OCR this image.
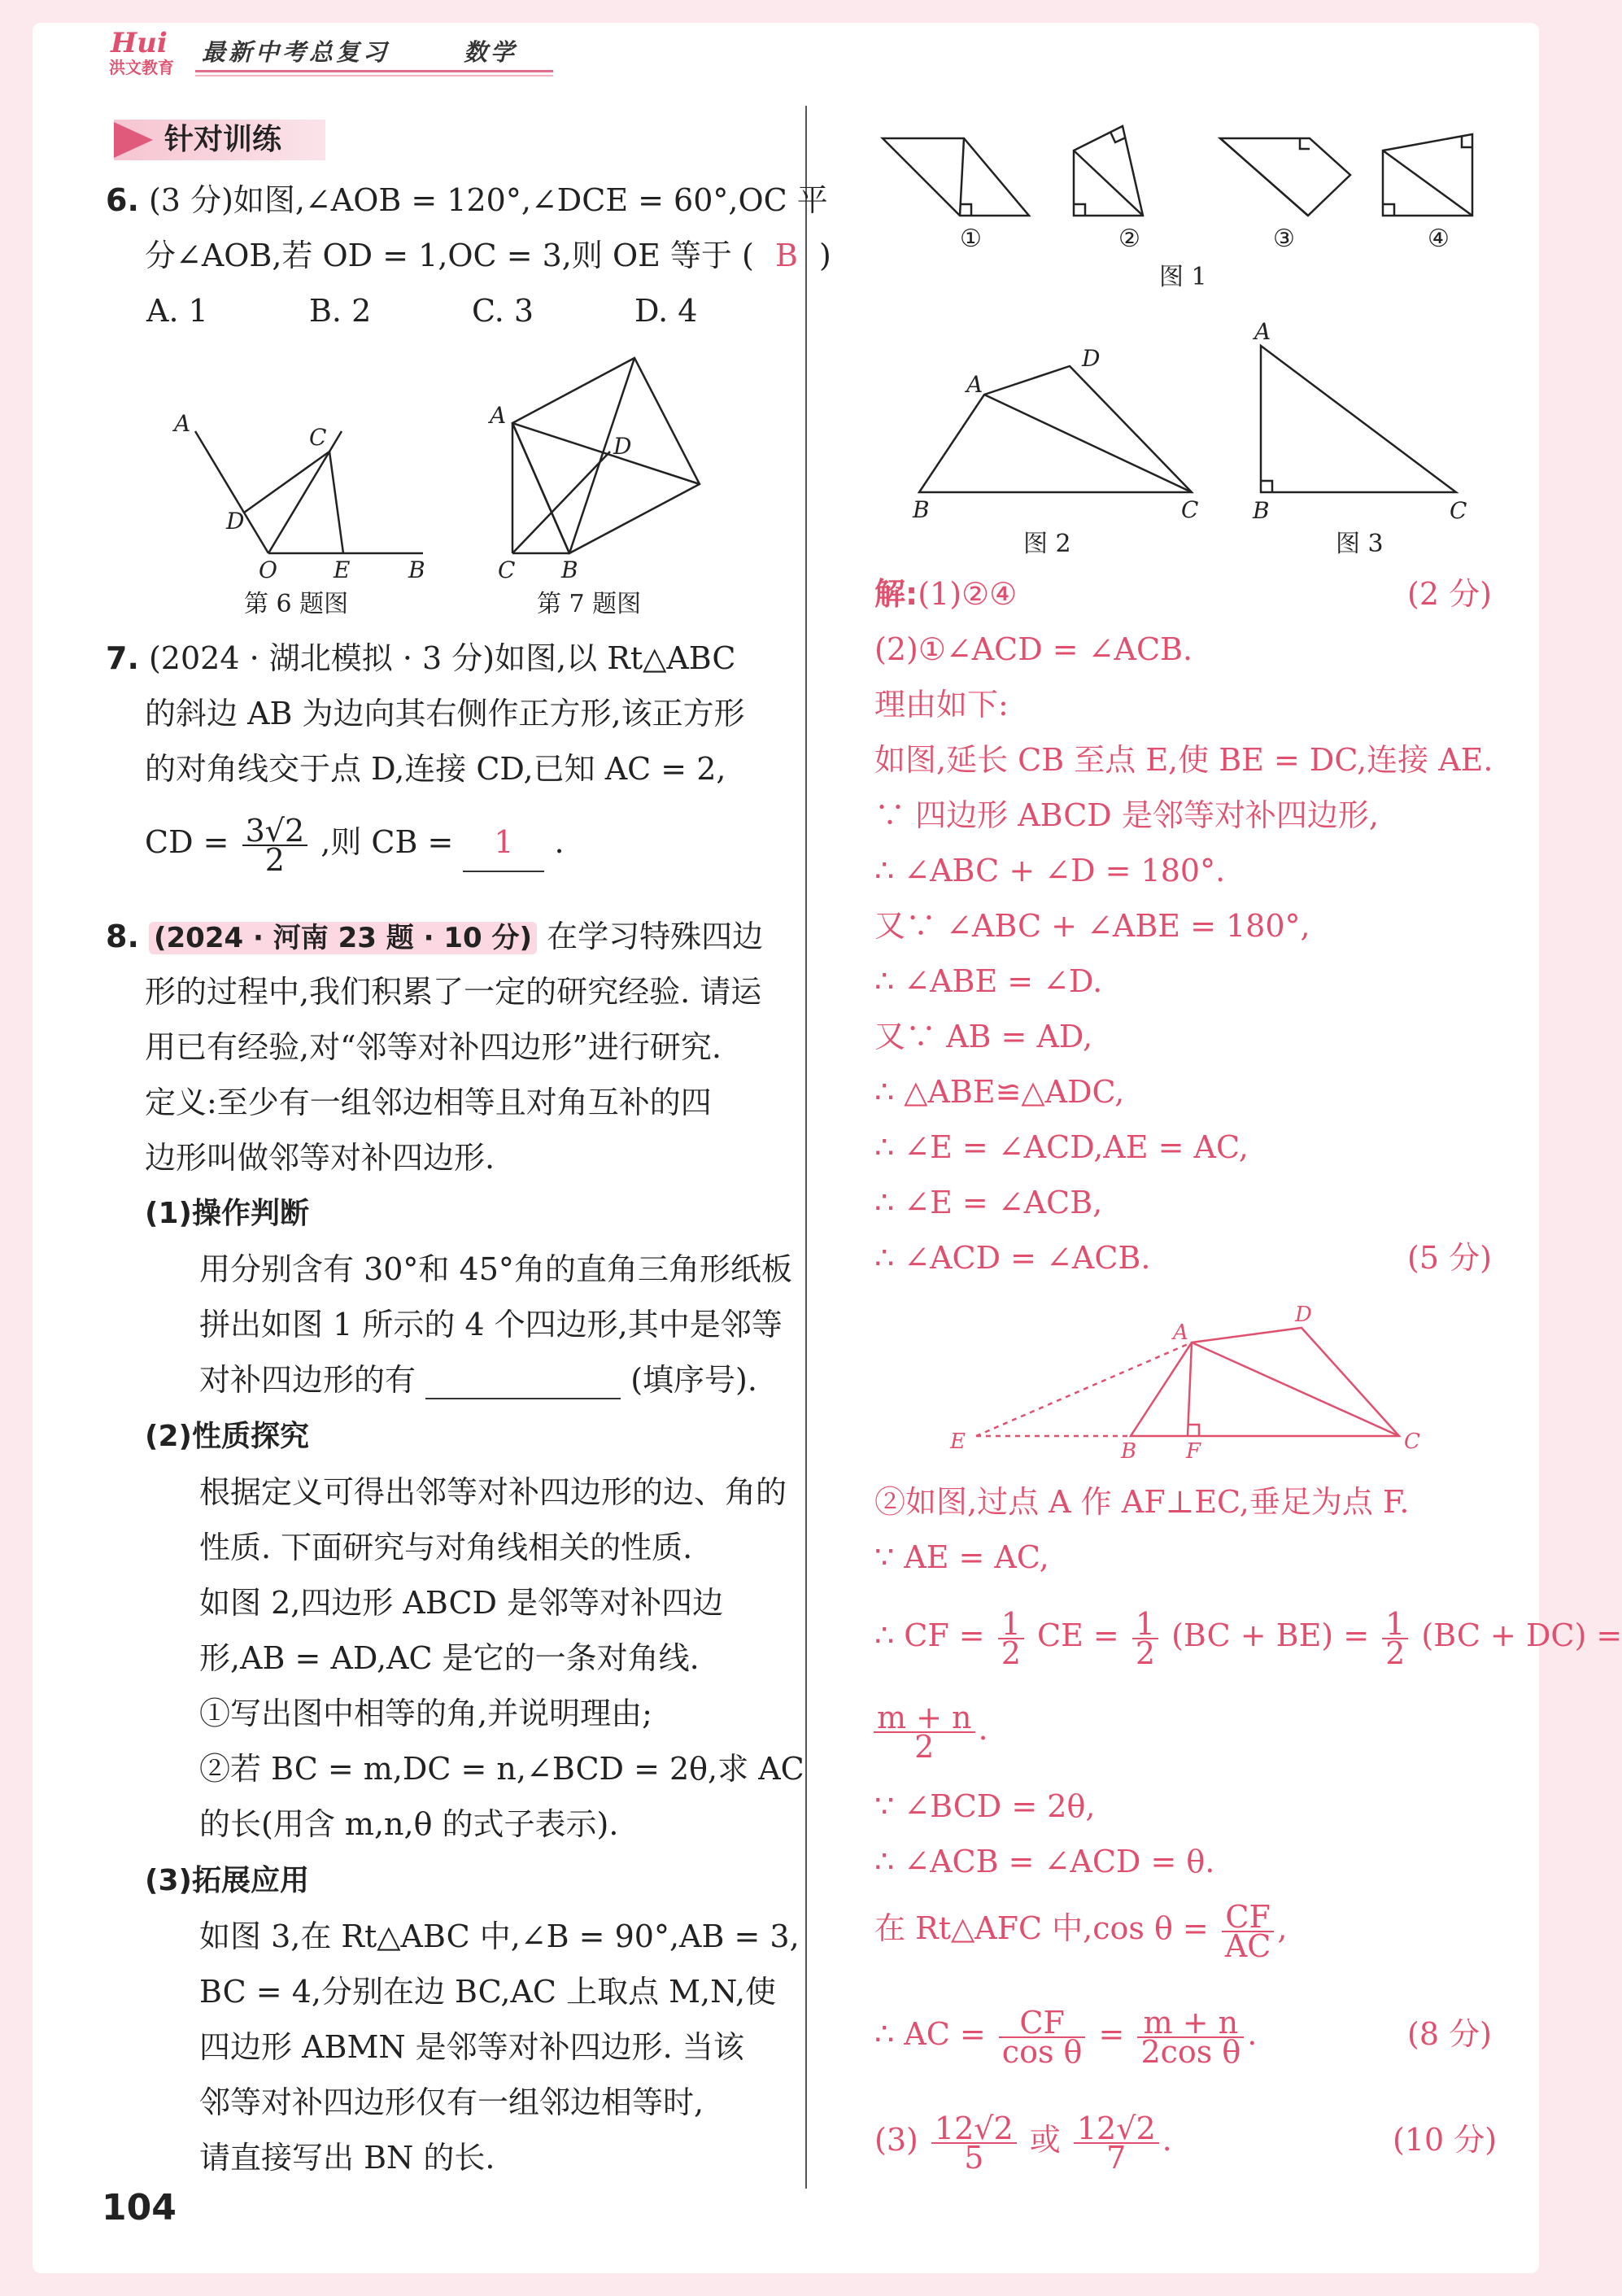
Hui
洪文教育
最新中考总复习	数学
针对训练
6. (3 分)如图,∠AOB = 120°,∠DCE = 60°,OC 平
分∠AOB,若 OD = 1,OC = 3,则 OE 等于 ( B )
A. 1	B. 2	C. 3	D. 4
A
C
D
O E	B
第 6 题图
A
D
C B
第 7 题图
7. (2024 · 湖北模拟 · 3 分)如图,以 Rt△ABC
的斜边 AB 为边向其右侧作正方形,该正方形
的对角线交于点 D,连接 CD,已知 AC = 2,
CD = $\frac{3√2}{2}$ ,则 CB = 1 .
8. (2024 · 河南 23 题 · 10 分) 在学习特殊四边
形的过程中,我们积累了一定的研究经验. 请运
用已有经验,对“邻等对补四边形”进行研究.
定义:至少有一组邻边相等且对角互补的四
边形叫做邻等对补四边形.
(1)操作判断
用分别含有 30°和 45°角的直角三角形纸板
拼出如图 1 所示的 4 个四边形,其中是邻等
对补四边形的有	(填序号).
(2)性质探究
根据定义可得出邻等对补四边形的边、角的
性质. 下面研究与对角线相关的性质.
如图 2,四边形 ABCD 是邻等对补四边
形,AB = AD,AC 是它的一条对角线.
①写出图中相等的角,并说明理由;
②若 BC = m,DC = n,∠BCD = 2θ,求 AC
的长(用含 m,n,θ 的式子表示).
(3)拓展应用
如图 3,在 Rt△ABC 中,∠B = 90°,AB = 3,
BC = 4,分别在边 BC,AC 上取点 M,N,使
四边形 ABMN 是邻等对补四边形. 当该
邻等对补四边形仅有一组邻边相等时,
请直接写出 BN 的长.
104
①	②	③	④
图 1
A
D
B	C
图 2
A
B	C
图 3
解:(1)②④	(2 分)
(2)①∠ACD = ∠ACB.
理由如下:
如图,延长 CB 至点 E,使 BE = DC,连接 AE.
∵ 四边形 ABCD 是邻等对补四边形,
∴ ∠ABC + ∠D = 180°.
又∵ ∠ABC + ∠ABE = 180°,
∴ ∠ABE = ∠D.
又∵ AB = AD,
∴ △ABE≌△ADC,
∴ ∠E = ∠ACD,AE = AC,
∴ ∠E = ∠ACB,
∴ ∠ACD = ∠ACB.	(5 分)
D
A
E	B F	C
②如图,过点 A 作 AF⊥EC,垂足为点 F.
∵ AE = AC,
∴ CF = $\frac{1}{2}$ CE = $\frac{1}{2} (BC + BE) = \frac{1}{2} (BC + DC)$ =
$\frac{m + n}{2}$ .
∵ ∠BCD = 2θ,
∴ ∠ACB = ∠ACD = θ.
在 Rt△AFC 中,cos $\theta = \frac{CF}{AC}$ ,
∴ AC = $\frac{CF}{\text{cos θ}} = \frac{m + n}{\text{2cos θ}}$ .	(8 分)
$(3) \frac{12√2}{5}$ 或 $\frac{12√2}{7}$ .	(10 分)
